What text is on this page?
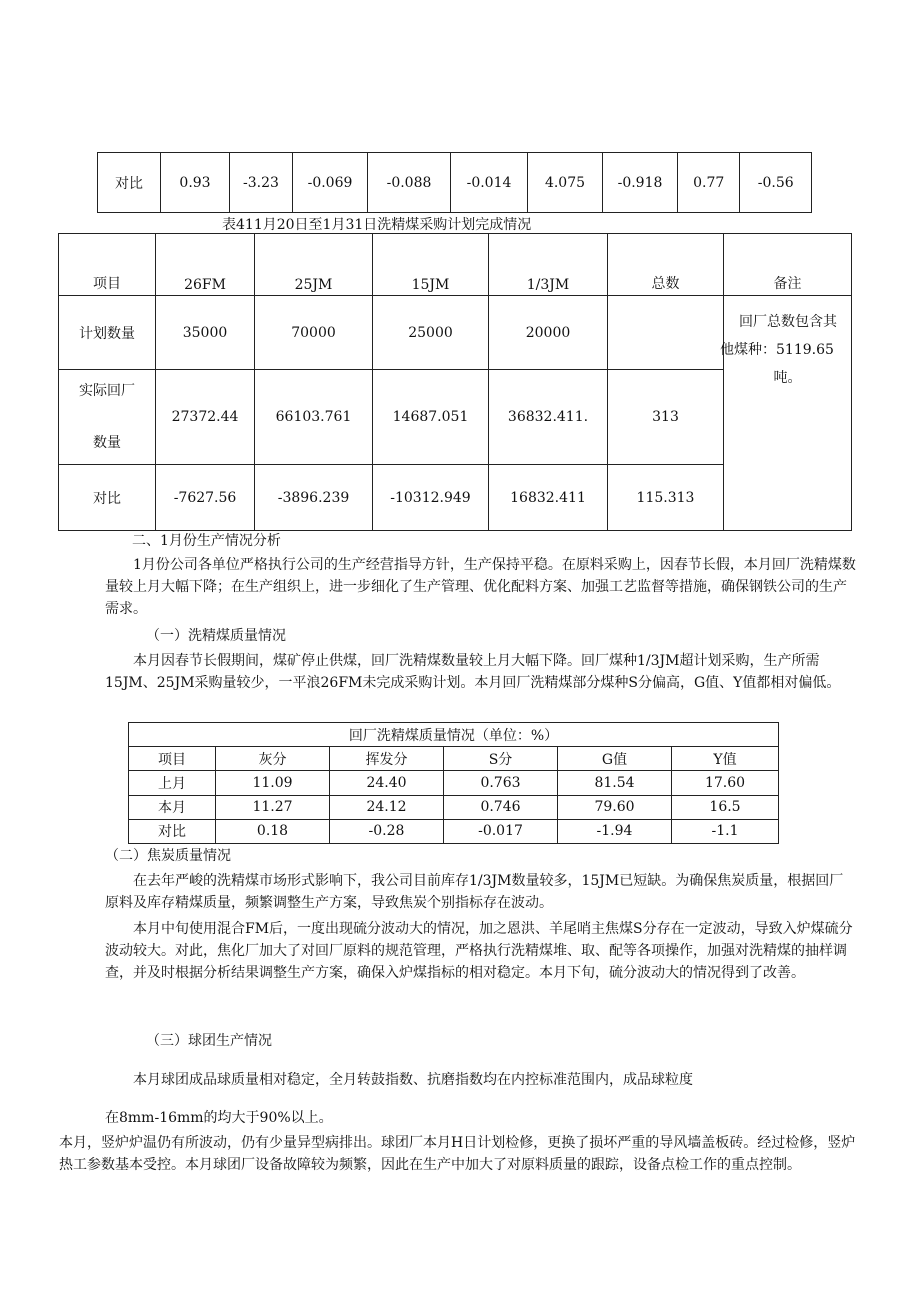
对比	0.93	-3.23	-0.069	-0.088	-0.014	4.075	-0.918	0.77	-0.56
表411月20日至1月31日洗精煤采购计划完成情况
项目	26FM	25JM	15JM	1/3JM	总数	备注
计划数量	35000	70000	25000	20000		回厂总数包含其
他煤种：5119.65
吨。

实际回厂
数量	27372.44	66103.761	14687.051	36832.411.	313	
对比	-7627.56	-3896.239	-10312.949	16832.411	115.313	
二、1月份生产情况分析
1月份公司各单位严格执行公司的生产经营指导方针，生产保持平稳。在原料采购上，因春节长假，本月回厂洗精煤数量较上月大幅下降；在生产组织上，进一步细化了生产管理、优化配料方案、加强工艺监督等措施，确保钢铁公司的生产需求。
（一）洗精煤质量情况
本月因春节长假期间，煤矿停止供煤，回厂洗精煤数量较上月大幅下降。回厂煤种1/3JM超计划采购，生产所需15JM、25JM采购量较少，一平浪26FM未完成采购计划。本月回厂洗精煤部分煤种S分偏高，G值、Y值都相对偏低。
回厂洗精煤质量情况（单位：%）					
项目	灰分	挥发分	S分	G值	Y值
上月	11.09	24.40	0.763	81.54	17.60
本月	11.27	24.12	0.746	79.60	16.5
对比	0.18	-0.28	-0.017	-1.94	-1.1
（二）焦炭质量情况
在去年严峻的洗精煤市场形式影响下，我公司目前库存1/3JM数量较多，15JM已短缺。为确保焦炭质量，根据回厂原料及库存精煤质量，频繁调整生产方案，导致焦炭个别指标存在波动。
本月中旬使用混合FM后，一度出现硫分波动大的情况，加之恩洪、羊尾哨主焦煤S分存在一定波动，导致入炉煤硫分波动较大。对此，焦化厂加大了对回厂原料的规范管理，严格执行洗精煤堆、取、配等各项操作，加强对洗精煤的抽样调查，并及时根据分析结果调整生产方案，确保入炉煤指标的相对稳定。本月下旬，硫分波动大的情况得到了改善。
（三）球团生产情况
本月球团成品球质量相对稳定，全月转鼓指数、抗磨指数均在内控标准范围内，成品球粒度
在8mm-16mm的均大于90%以上。
本月，竖炉炉温仍有所波动，仍有少量异型病排出。球团厂本月H日计划检修，更换了损坏严重的导风墙盖板砖。经过检修，竖炉热工参数基本受控。本月球团厂设备故障较为频繁，因此在生产中加大了对原料质量的跟踪，设备点检工作的重点控制。
